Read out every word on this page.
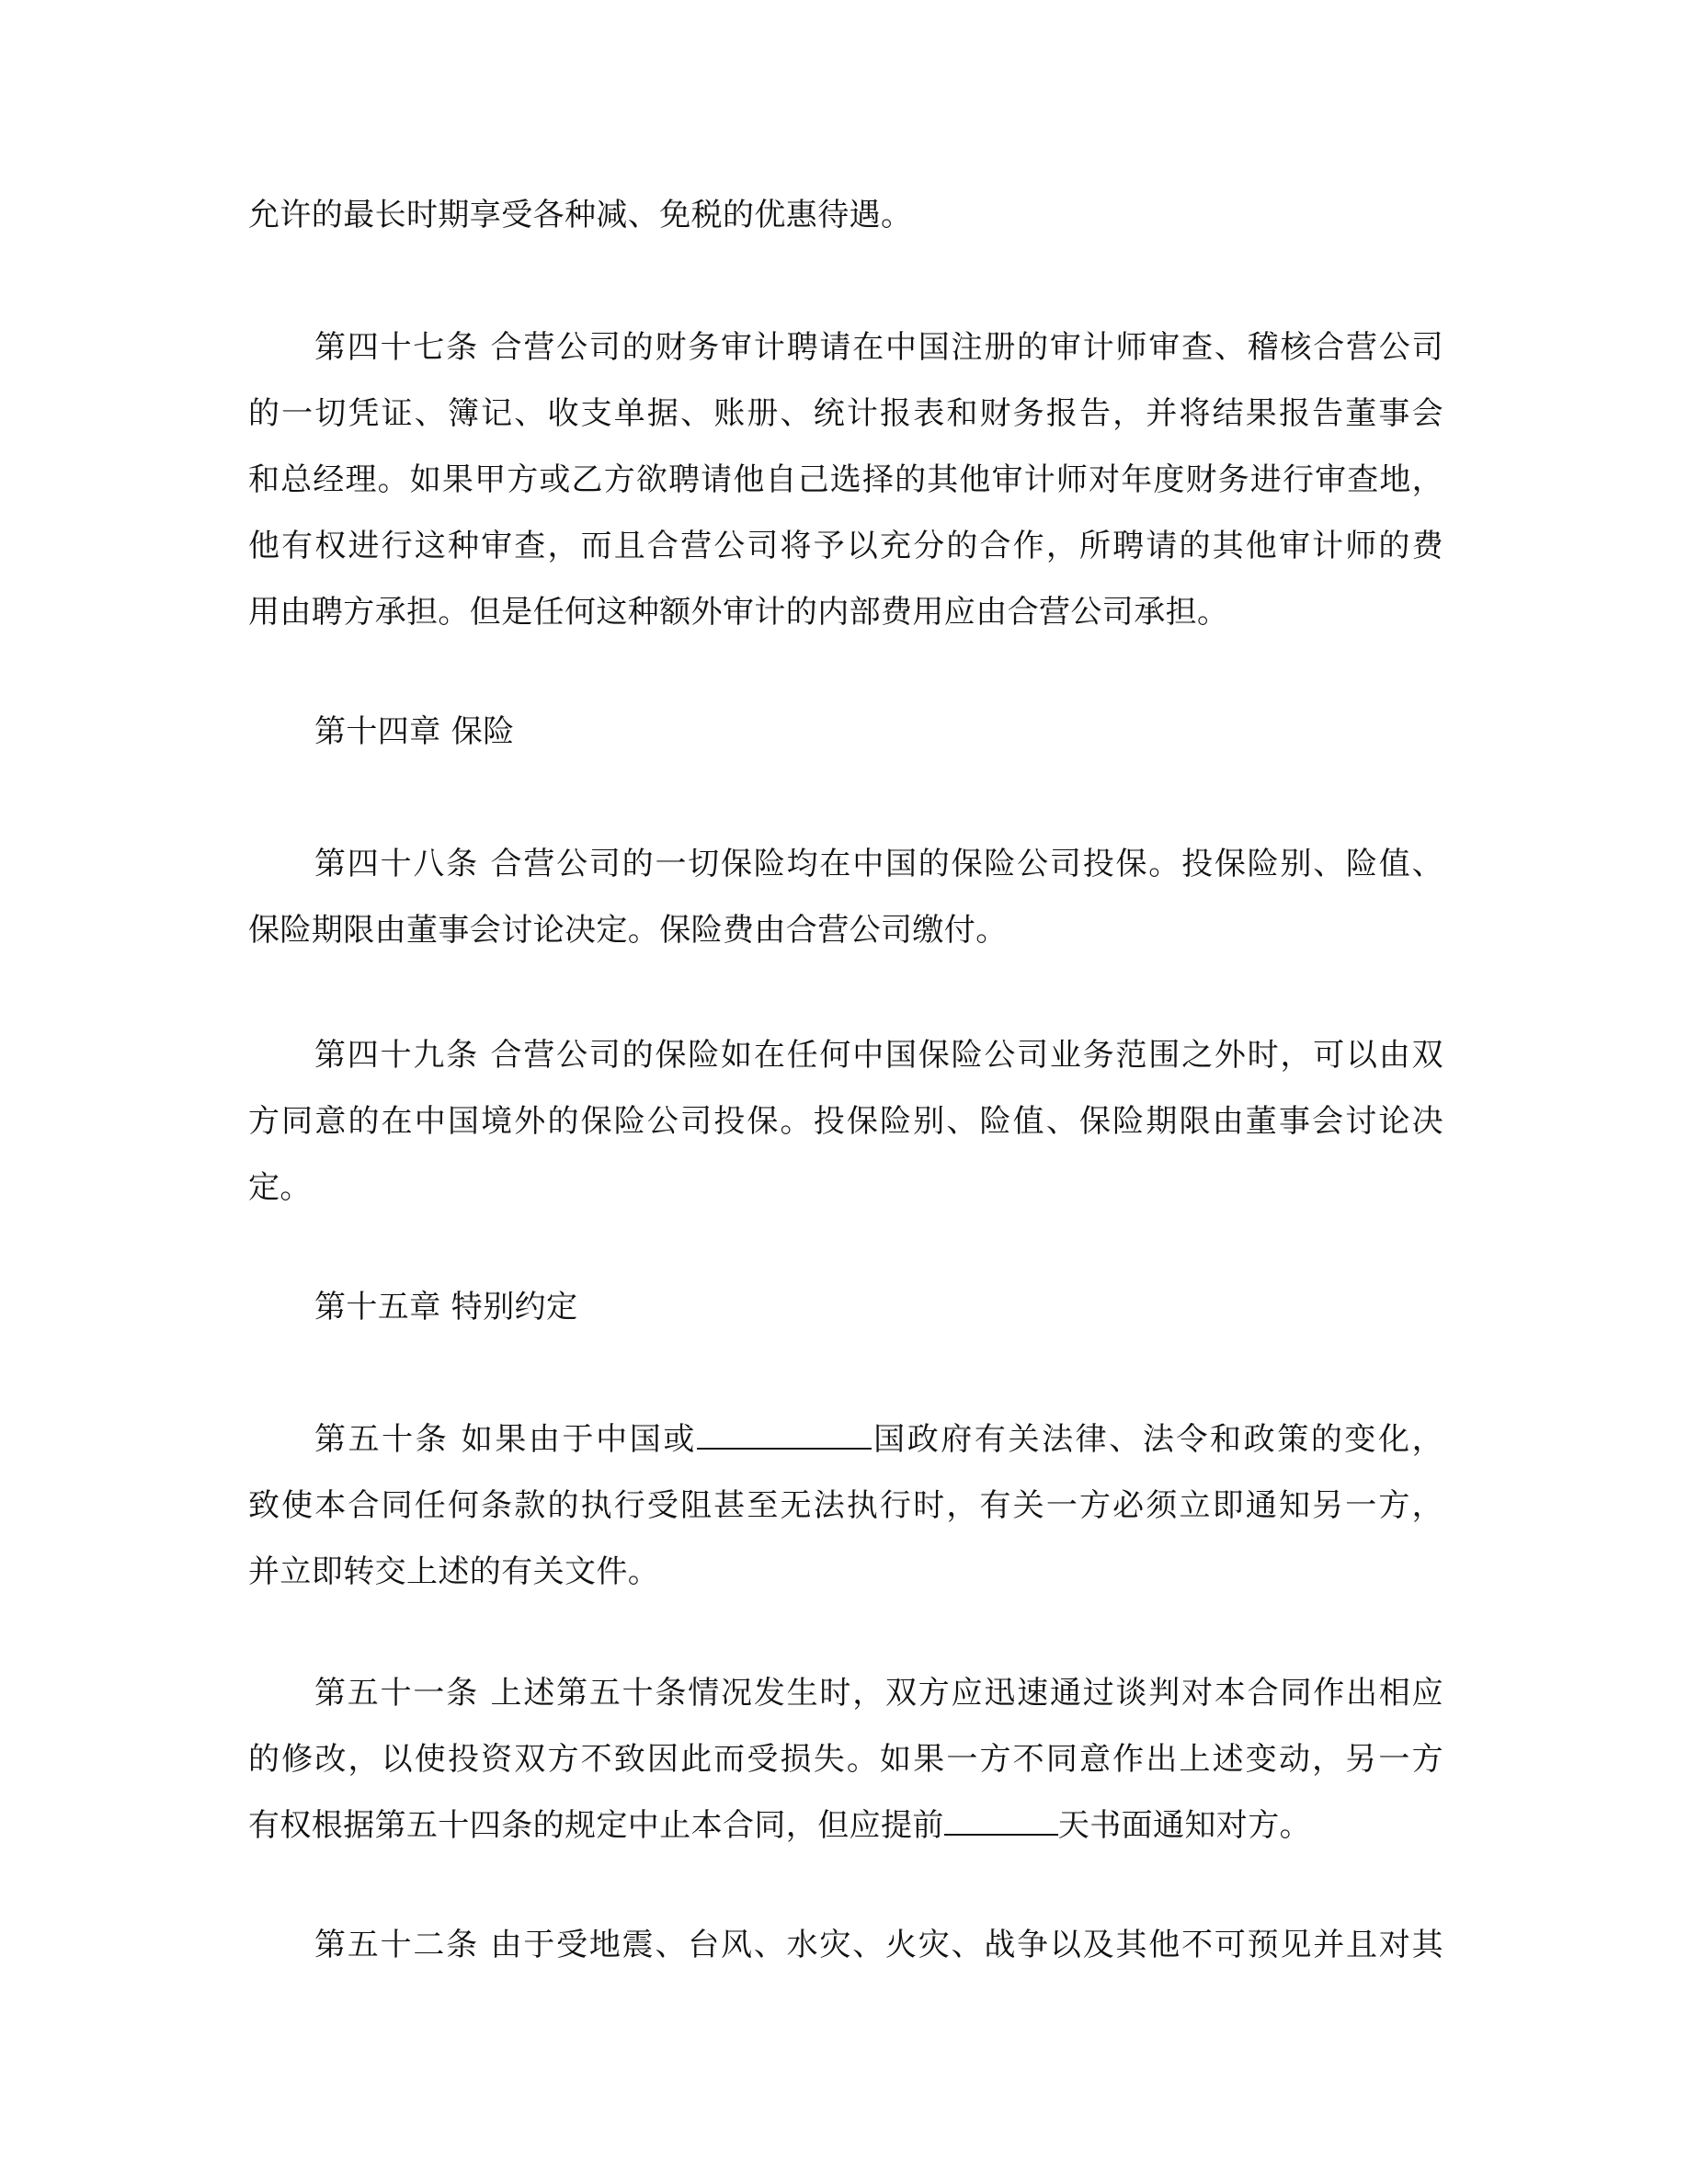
允许的最长时期享受各种减、免税的优惠待遇。

第四十七条 合营公司的财务审计聘请在中国注册的审计师审查、稽核合营公司
的一切凭证、簿记、收支单据、账册、统计报表和财务报告，并将结果报告董事会
和总经理。如果甲方或乙方欲聘请他自己选择的其他审计师对年度财务进行审查地，
他有权进行这种审查，而且合营公司将予以充分的合作，所聘请的其他审计师的费
用由聘方承担。但是任何这种额外审计的内部费用应由合营公司承担。

第十四章 保险

第四十八条 合营公司的一切保险均在中国的保险公司投保。投保险别、险值、
保险期限由董事会讨论决定。保险费由合营公司缴付。

第四十九条 合营公司的保险如在任何中国保险公司业务范围之外时，可以由双
方同意的在中国境外的保险公司投保。投保险别、险值、保险期限由董事会讨论决
定。

第十五章 特别约定

第五十条 如果由于中国或	国政府有关法律、法令和政策的变化，
致使本合同任何条款的执行受阻甚至无法执行时，有关一方必须立即通知另一方，
并立即转交上述的有关文件。

第五十一条 上述第五十条情况发生时，双方应迅速通过谈判对本合同作出相应
的修改，以使投资双方不致因此而受损失。如果一方不同意作出上述变动，另一方
有权根据第五十四条的规定中止本合同，但应提前	天书面通知对方。

第五十二条 由于受地震、台风、水灾、火灾、战争以及其他不可预见并且对其
